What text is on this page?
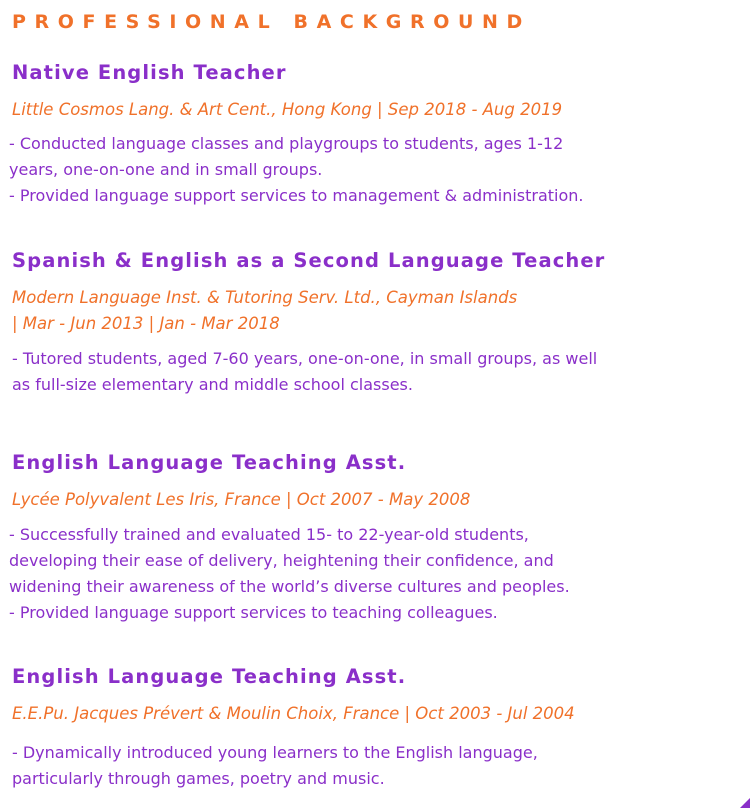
PROFESSIONAL BACKGROUND
Native English Teacher

Little Cosmos Lang. & Art Cent., Hong Kong | Sep 2018 - Aug 2019

- Conducted language classes and playgroups to students, ages 1-12
years, one-on-one and in small groups.
- Provided language support services to management & administration.

Spanish & English as a Second Language Teacher

Modern Language Inst. & Tutoring Serv. Ltd., Cayman Islands
| Mar - Jun 2013 | Jan - Mar 2018

- Tutored students, aged 7-60 years, one-on-one, in small groups, as well
as full-size elementary and middle school classes.

English Language Teaching Asst.

Lycée Polyvalent Les Iris, France | Oct 2007 - May 2008

- Successfully trained and evaluated 15- to 22-year-old students,
developing their ease of delivery, heightening their confidence, and
widening their awareness of the world’s diverse cultures and peoples.
- Provided language support services to teaching colleagues.

English Language Teaching Asst.

E.E.Pu. Jacques Prévert & Moulin Choix, France | Oct 2003 - Jul 2004

- Dynamically introduced young learners to the English language,
particularly through games, poetry and music.
